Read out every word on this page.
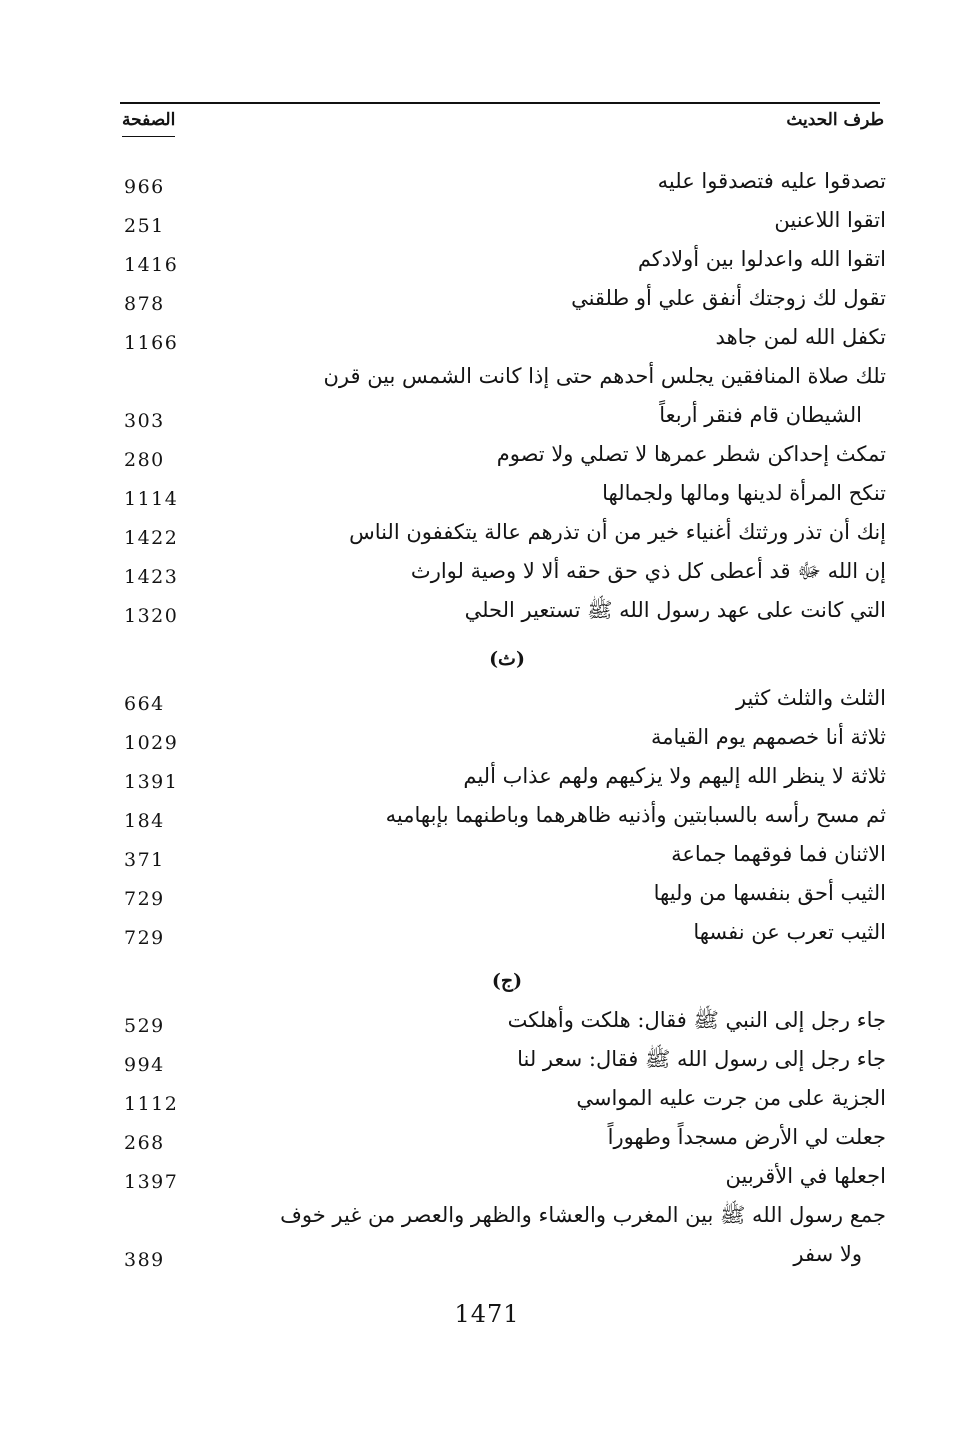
طرف الحديث
الصفحة
تصدقوا عليه فتصدقوا عليه
966
اتقوا اللاعنين
251
اتقوا الله واعدلوا بين أولادكم
1416
تقول لك زوجتك أنفق علي أو طلقني
878
تكفل الله لمن جاهد
1166
تلك صلاة المنافقين يجلس أحدهم حتى إذا كانت الشمس بين قرن
الشيطان قام فنقر أربعاً
303
تمكث إحداكن شطر عمرها لا تصلي ولا تصوم
280
تنكح المرأة لدينها ومالها ولجمالها
1114
إنك أن تذر ورثتك أغنياء خير من أن تذرهم عالة يتكففون الناس
1422
إن الله ﷻ قد أعطى كل ذي حق حقه ألا لا وصية لوارث
1423
التي كانت على عهد رسول الله ﷺ تستعير الحلي
1320
(ث)
الثلث والثلث كثير
664
ثلاثة أنا خصمهم يوم القيامة
1029
ثلاثة لا ينظر الله إليهم ولا يزكيهم ولهم عذاب أليم
1391
ثم مسح رأسه بالسبابتين وأذنيه ظاهرهما وباطنهما بإبهاميه
184
الاثنان فما فوقهما جماعة
371
الثيب أحق بنفسها من وليها
729
الثيب تعرب عن نفسها
729
(ج)
جاء رجل إلى النبي ﷺ فقال: هلكت وأهلكت
529
جاء رجل إلى رسول الله ﷺ فقال: سعر لنا
994
الجزية على من جرت عليه المواسي
1112
جعلت لي الأرض مسجداً وطهوراً
268
اجعلها في الأقربين
1397
جمع رسول الله ﷺ بين المغرب والعشاء والظهر والعصر من غير خوف
ولا سفر
389
1471
